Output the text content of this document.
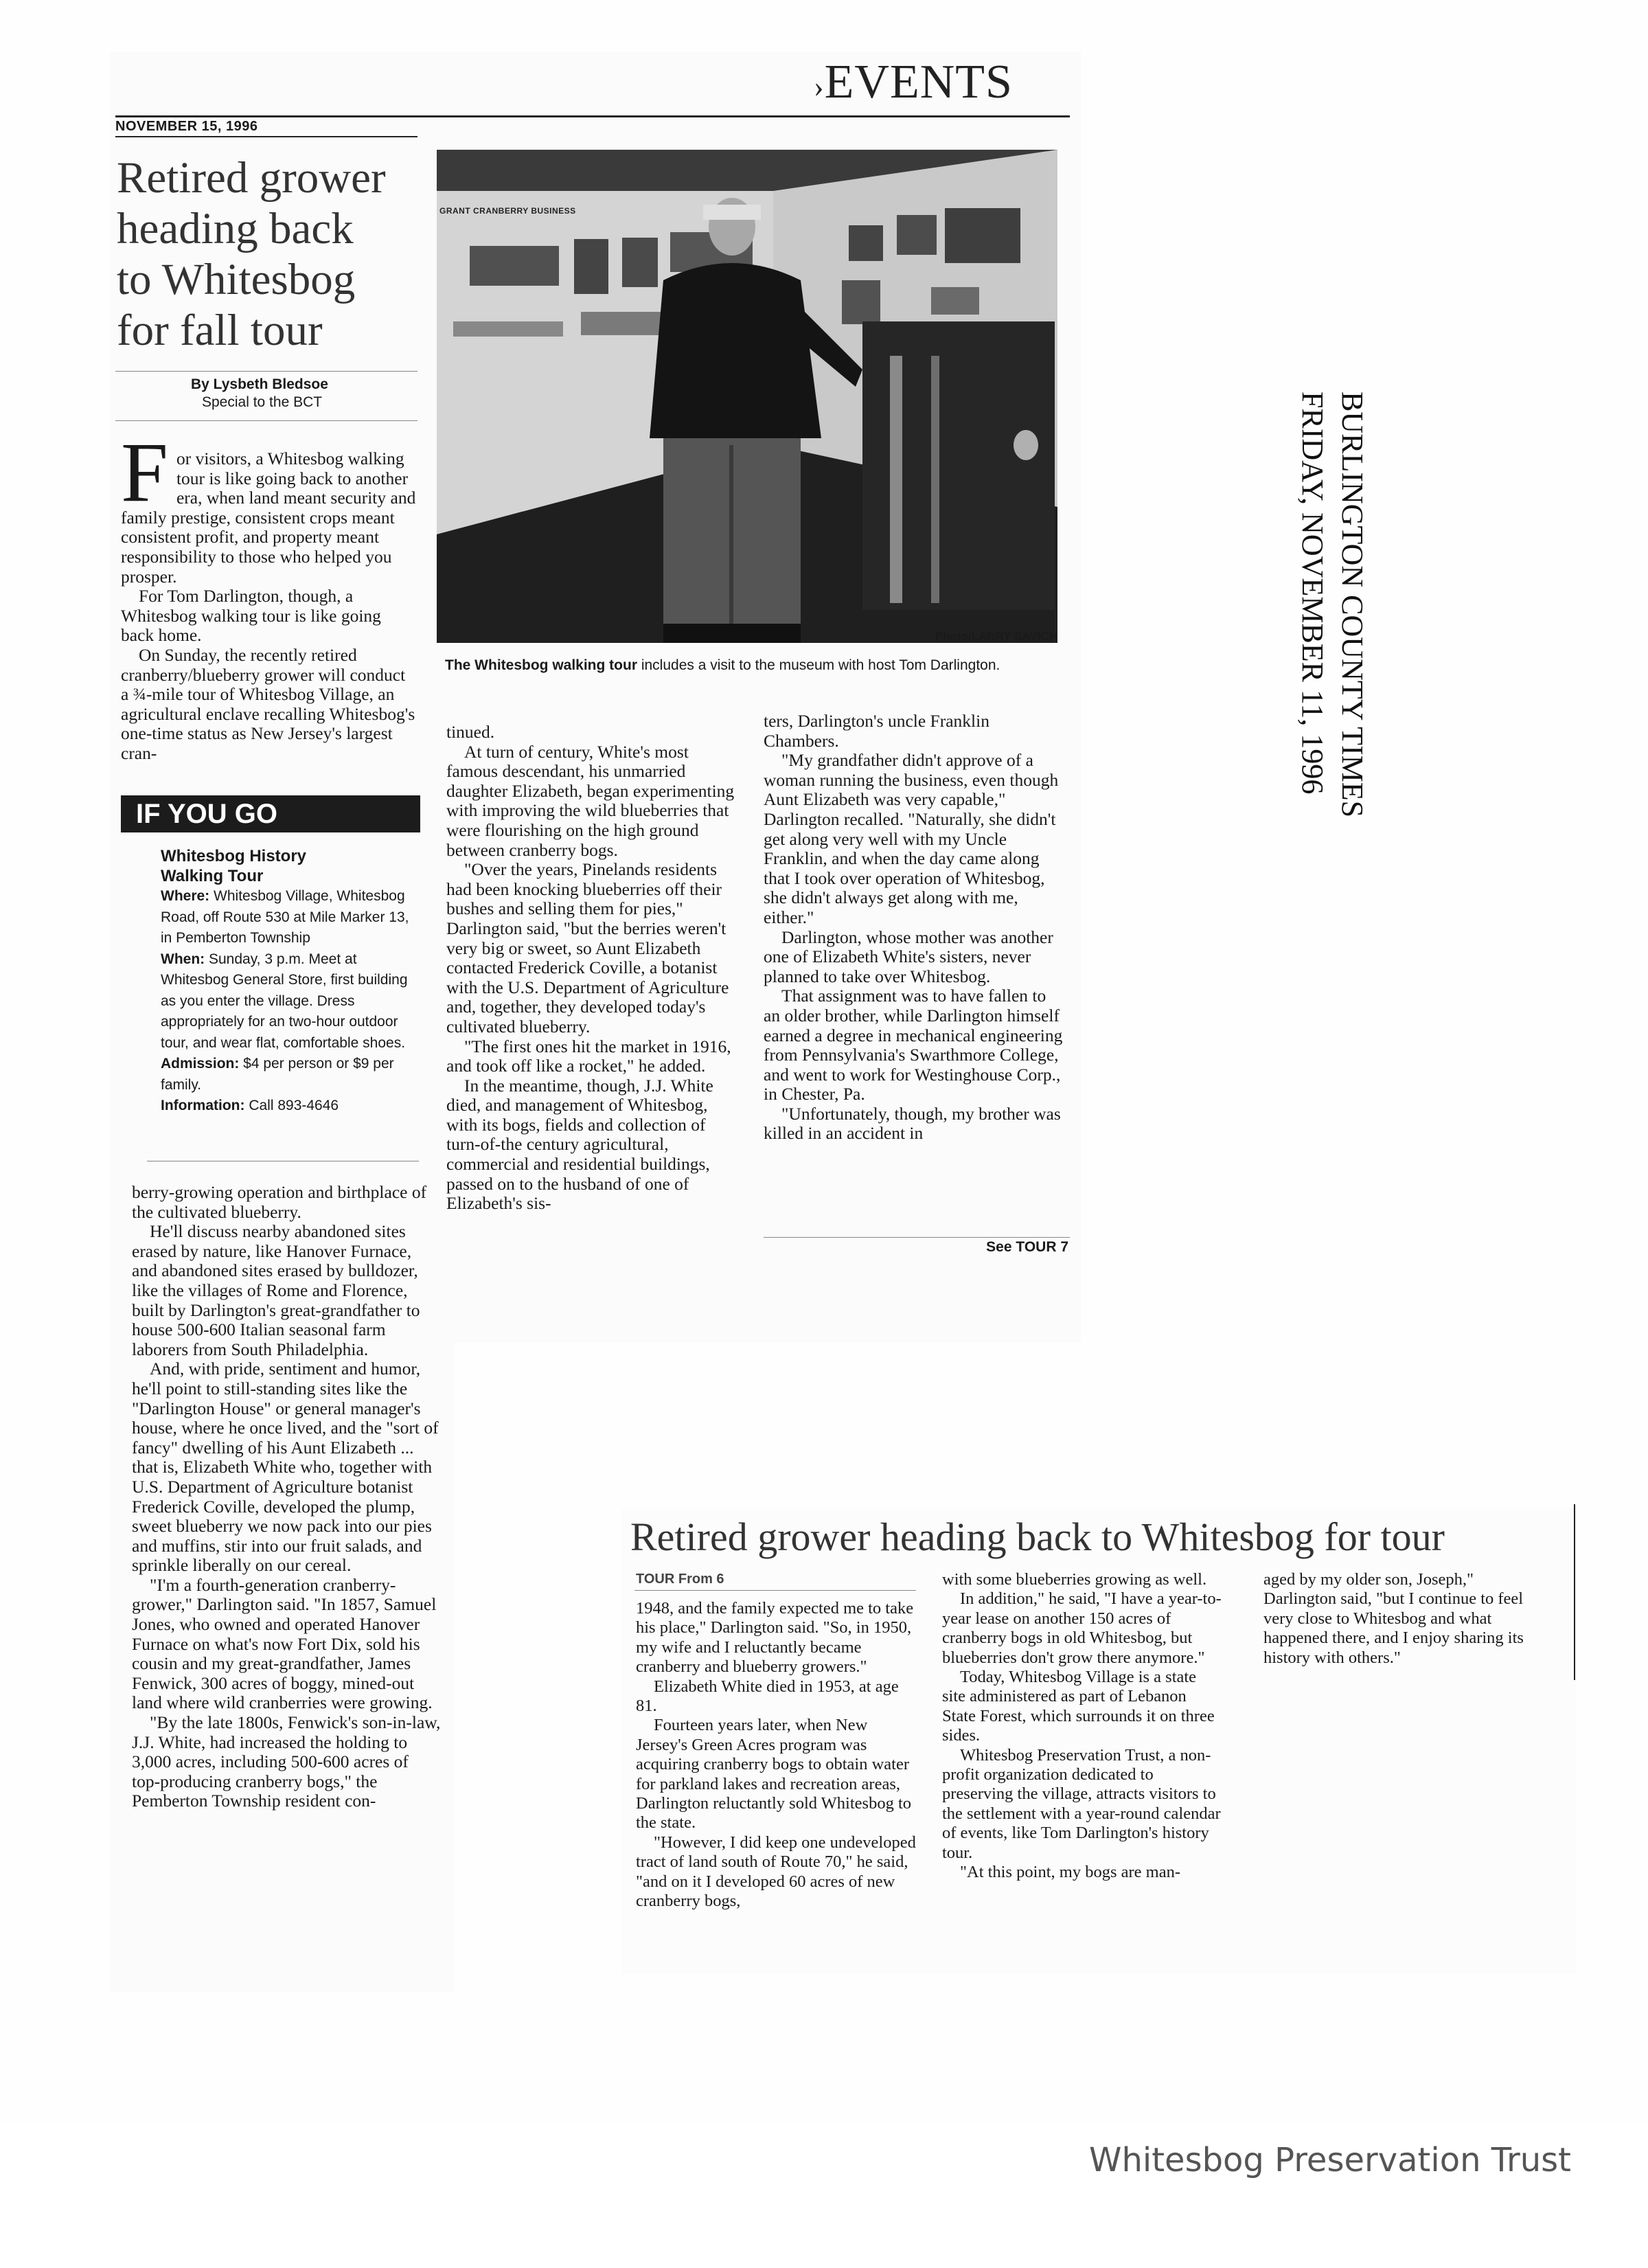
›EVENTS
NOVEMBER 15, 1996
Retired grower
heading back
to Whitesbog
for fall tour
By Lysbeth Bledsoe
Special to the BCT
F or visitors, a Whitesbog walking tour is like going back to another era, when land meant security and family prestige, consistent crops meant consistent profit, and property meant responsibility to those who helped you prosper.

For Tom Darlington, though, a Whitesbog walking tour is like going back home.

On Sunday, the recently retired cranberry/blueberry grower will conduct a ¾-mile tour of Whitesbog Village, an agricultural enclave recalling Whitesbog's one-time status as New Jersey's largest cran-

IF YOU GO
Whitesbog History Walking Tour
Where: Whitesbog Village, Whitesbog Road, off Route 530 at Mile Marker 13, in Pemberton Township
When: Sunday, 3 p.m. Meet at Whitesbog General Store, first building as you enter the village. Dress appropriately for an two-hour outdoor tour, and wear flat, comfortable shoes.
Admission: $4 per person or $9 per family.
Information: Call 893-4646

berry-growing operation and birthplace of the cultivated blueberry.

He'll discuss nearby abandoned sites erased by nature, like Hanover Furnace, and abandoned sites erased by bulldozer, like the villages of Rome and Florence, built by Darlington's great-grandfather to house 500-600 Italian seasonal farm laborers from South Philadelphia.

And, with pride, sentiment and humor, he'll point to still-standing sites like the "Darlington House" or general manager's house, where he once lived, and the "sort of fancy" dwelling of his Aunt Elizabeth ... that is, Elizabeth White who, together with U.S. Department of Agriculture botanist Frederick Coville, developed the plump, sweet blueberry we now pack into our pies and muffins, stir into our fruit salads, and sprinkle liberally on our cereal.

"I'm a fourth-generation cranberry-grower," Darlington said. "In 1857, Samuel Jones, who owned and operated Hanover Furnace on what's now Fort Dix, sold his cousin and my great-grandfather, James Fenwick, 300 acres of boggy, mined-out land where wild cranberries were growing.

"By the late 1800s, Fenwick's son-in-law, J.J. White, had increased the holding to 3,000 acres, including 500-600 acres of top-producing cranberry bogs," the Pemberton Township resident con-

GRANT CRANBERRY BUSINESS
Photo/LARRY SAVICH
The Whitesbog walking tour includes a visit to the museum with host Tom Darlington.

tinued.

At turn of century, White's most famous descendant, his unmarried daughter Elizabeth, began experimenting with improving the wild blueberries that were flourishing on the high ground between cranberry bogs.

"Over the years, Pinelands residents had been knocking blueberries off their bushes and selling them for pies," Darlington said, "but the berries weren't very big or sweet, so Aunt Elizabeth contacted Frederick Coville, a botanist with the U.S. Department of Agriculture and, together, they developed today's cultivated blueberry.

"The first ones hit the market in 1916, and took off like a rocket," he added.

In the meantime, though, J.J. White died, and management of Whitesbog, with its bogs, fields and collection of turn-of-the century agricultural, commercial and residential buildings, passed on to the husband of one of Elizabeth's sis-

ters, Darlington's uncle Franklin Chambers.

"My grandfather didn't approve of a woman running the business, even though Aunt Elizabeth was very capable," Darlington recalled. "Naturally, she didn't get along very well with my Uncle Franklin, and when the day came along that I took over operation of Whitesbog, she didn't always get along with me, either."

Darlington, whose mother was another one of Elizabeth White's sisters, never planned to take over Whitesbog.

That assignment was to have fallen to an older brother, while Darlington himself earned a degree in mechanical engineering from Pennsylvania's Swarthmore College, and went to work for Westinghouse Corp., in Chester, Pa.

"Unfortunately, though, my brother was killed in an accident in

See TOUR 7
BURLINGTON COUNTY TIMES
FRIDAY, NOVEMBER 11, 1996
Retired grower heading back to Whitesbog for tour
TOUR From 6

1948, and the family expected me to take his place," Darlington said. "So, in 1950, my wife and I reluctantly became cranberry and blueberry growers."

Elizabeth White died in 1953, at age 81.

Fourteen years later, when New Jersey's Green Acres program was acquiring cranberry bogs to obtain water for parkland lakes and recreation areas, Darlington reluctantly sold Whitesbog to the state.

"However, I did keep one undeveloped tract of land south of Route 70," he said, "and on it I developed 60 acres of new cranberry bogs,

with some blueberries growing as well.

In addition," he said, "I have a year-to-year lease on another 150 acres of cranberry bogs in old Whitesbog, but blueberries don't grow there anymore."

Today, Whitesbog Village is a state site administered as part of Lebanon State Forest, which surrounds it on three sides.

Whitesbog Preservation Trust, a non-profit organization dedicated to preserving the village, attracts visitors to the settlement with a year-round calendar of events, like Tom Darlington's history tour.

"At this point, my bogs are man-

aged by my older son, Joseph," Darlington said, "but I continue to feel very close to Whitesbog and what happened there, and I enjoy sharing its history with others."

Whitesbog Preservation Trust
